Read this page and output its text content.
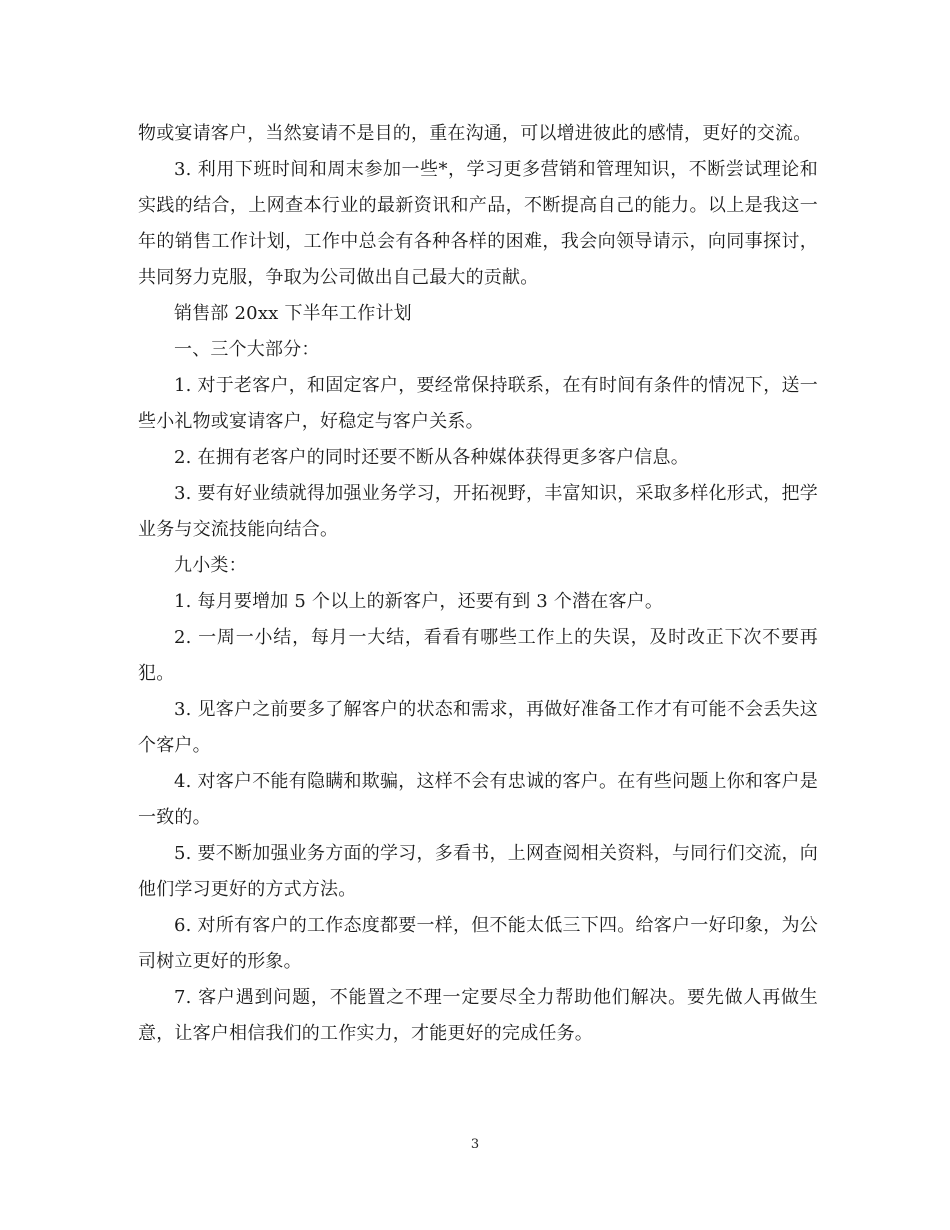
物或宴请客户，当然宴请不是目的，重在沟通，可以增进彼此的感情，更好的交流。

3. 利用下班时间和周末参加一些*，学习更多营销和管理知识，不断尝试理论和实践的结合，上网查本行业的最新资讯和产品，不断提高自己的能力。以上是我这一年的销售工作计划，工作中总会有各种各样的困难，我会向领导请示，向同事探讨，共同努力克服，争取为公司做出自己最大的贡献。

销售部 20xx 下半年工作计划

一、三个大部分：

1. 对于老客户，和固定客户，要经常保持联系，在有时间有条件的情况下，送一些小礼物或宴请客户，好稳定与客户关系。

2. 在拥有老客户的同时还要不断从各种媒体获得更多客户信息。

3. 要有好业绩就得加强业务学习，开拓视野，丰富知识，采取多样化形式，把学业务与交流技能向结合。

九小类：

1. 每月要增加 5 个以上的新客户，还要有到 3 个潜在客户。

2. 一周一小结，每月一大结，看看有哪些工作上的失误，及时改正下次不要再犯。

3. 见客户之前要多了解客户的状态和需求，再做好准备工作才有可能不会丢失这个客户。

4. 对客户不能有隐瞒和欺骗，这样不会有忠诚的客户。在有些问题上你和客户是一致的。

5. 要不断加强业务方面的学习，多看书，上网查阅相关资料，与同行们交流，向他们学习更好的方式方法。

6. 对所有客户的工作态度都要一样，但不能太低三下四。给客户一好印象，为公司树立更好的形象。

7. 客户遇到问题，不能置之不理一定要尽全力帮助他们解决。要先做人再做生意，让客户相信我们的工作实力，才能更好的完成任务。

3
